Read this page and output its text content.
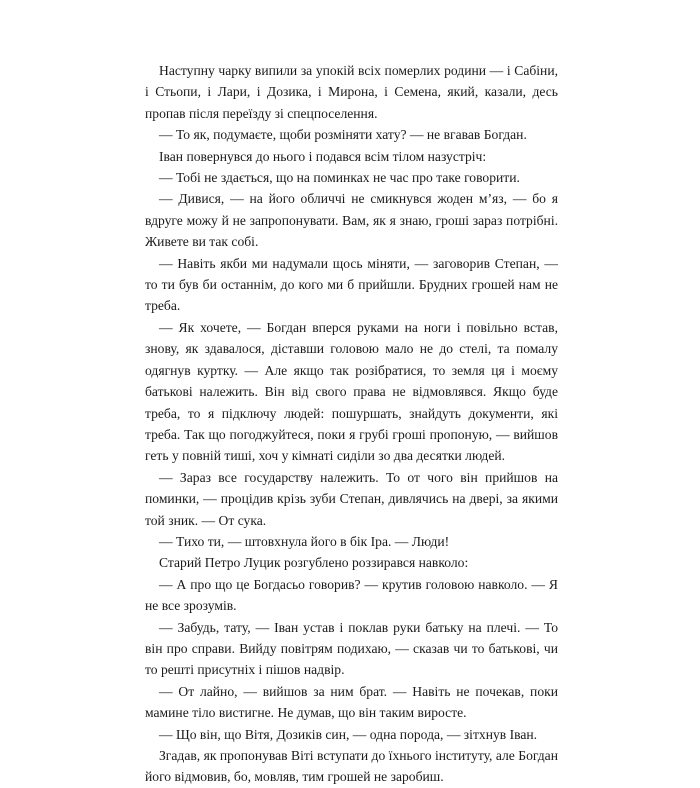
Наступну чарку випили за упокій всіх померлих родини — і Сабіни, і Стьопи, і Лари, і Дозика, і Мирона, і Семена, який, казали, десь пропав після переїзду зі спецпоселення.

— То як, подумаєте, щоби розміняти хату? — не вгавав Богдан.

Іван повернувся до нього і подався всім тілом назустріч:

— Тобі не здається, що на поминках не час про таке говорити.

— Дивися, — на його обличчі не смикнувся жоден м’яз, — бо я вдруге можу й не запропонувати. Вам, як я знаю, гроші зараз потрібні. Живете ви так собі.

— Навіть якби ми надумали щось міняти, — заговорив Степан, — то ти був би останнім, до кого ми б прийшли. Брудних грошей нам не треба.

— Як хочете, — Богдан вперся руками на ноги і повільно встав, знову, як здавалося, діставши головою мало не до стелі, та помалу одягнув куртку. — Але якщо так розібратися, то земля ця і моєму батькові належить. Він від свого права не відмовлявся. Якщо буде треба, то я підключу людей: пошуршать, знайдуть документи, які треба. Так що погоджуйтеся, поки я грубі гроші пропоную, — вийшов геть у повній тиші, хоч у кімнаті сиділи зо два десятки людей.

— Зараз все государству належить. То от чого він прийшов на поминки, — процідив крізь зуби Степан, дивлячись на двері, за якими той зник. — От сука.

— Тихо ти, — штовхнула його в бік Іра. — Люди!

Старий Петро Луцик розгублено роззирався навколо:

— А про що це Богдасьо говорив? — крутив головою навколо. — Я не все зрозумів.

— Забудь, тату, — Іван устав і поклав руки батьку на плечі. — То він про справи. Вийду повітрям подихаю, — сказав чи то батькові, чи то решті присутніх і пішов надвір.

— От лайно, — вийшов за ним брат. — Навіть не почекав, поки мамине тіло вистигне. Не думав, що він таким виросте.

— Що він, що Вітя, Дозиків син, — одна порода, — зітхнув Іван.

Згадав, як пропонував Віті вступати до їхнього інституту, але Богдан його відмовив, бо, мовляв, тим грошей не заробиш.
